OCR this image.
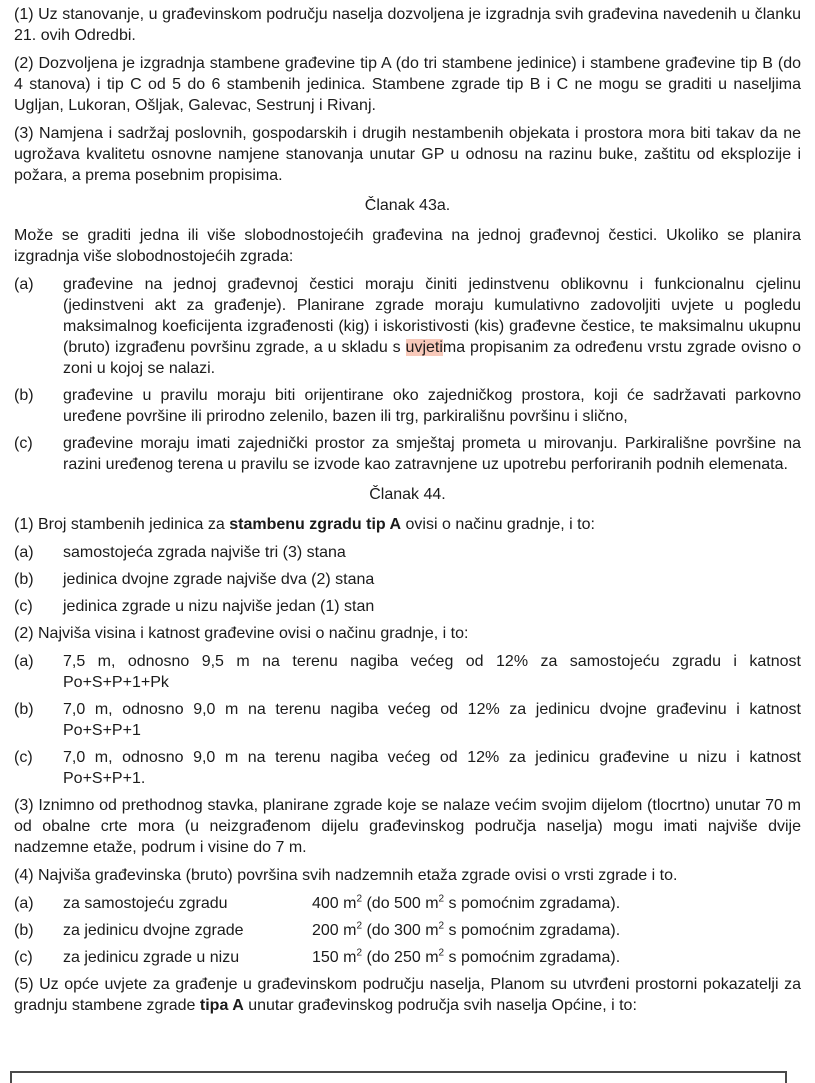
(1) Uz stanovanje, u građevinskom području naselja dozvoljena je izgradnja svih građevina navedenih u članku 21. ovih Odredbi.
(2) Dozvoljena je izgradnja stambene građevine tip A (do tri stambene jedinice) i stambene građevine tip B (do 4 stanova) i tip C od 5 do 6 stambenih jedinica. Stambene zgrade tip B i C ne mogu se graditi u naseljima Ugljan, Lukoran, Ošljak, Galevac, Sestrunj i Rivanj.
(3) Namjena i sadržaj poslovnih, gospodarskih i drugih nestambenih objekata i prostora mora biti takav da ne ugrožava kvalitetu osnovne namjene stanovanja unutar GP u odnosu na razinu buke, zaštitu od eksplozije i požara, a prema posebnim propisima.
Članak 43a.
Može se graditi jedna ili više slobodnostojećih građevina na jednoj građevnoj čestici. Ukoliko se planira izgradnja više slobodnostojećih zgrada:
(a)	građevine na jednoj građevnoj čestici moraju činiti jedinstvenu oblikovnu i funkcionalnu cjelinu (jedinstveni akt za građenje). Planirane zgrade moraju kumulativno zadovoljiti uvjete u pogledu maksimalnog koeficijenta izgrađenosti (kig) i iskoristivosti (kis) građevne čestice, te maksimalnu ukupnu (bruto) izgrađenu površinu zgrade, a u skladu s uvjetima propisanim za određenu vrstu zgrade ovisno o zoni u kojoj se nalazi.
(b)	građevine u pravilu moraju biti orijentirane oko zajedničkog prostora, koji će sadržavati parkovno uređene površine ili prirodno zelenilo, bazen ili trg, parkirališnu površinu i slično,
(c)	građevine moraju imati zajednički prostor za smještaj prometa u mirovanju. Parkirališne površine na razini uređenog terena u pravilu se izvode kao zatravnjene uz upotrebu perforiranih podnih elemenata.
Članak 44.
(1) Broj stambenih jedinica za stambenu zgradu tip A ovisi o načinu gradnje, i to:
(a)	samostojeća zgrada najviše tri (3) stana
(b)	jedinica dvojne zgrade najviše dva (2) stana
(c)	jedinica zgrade u nizu najviše jedan (1) stan
(2) Najviša visina i katnost građevine ovisi o načinu gradnje, i to:
(a)	7,5 m, odnosno 9,5 m na terenu nagiba većeg od 12% za samostojeću zgradu i katnostPo+S+P+1+Pk
(b)	7,0 m, odnosno 9,0 m na terenu nagiba većeg od 12% za jedinicu dvojne građevinu i katnostPo+S+P+1
(c)	7,0 m, odnosno 9,0 m na terenu nagiba većeg od 12% za jedinicu građevine u nizu i katnostPo+S+P+1.
(3) Iznimno od prethodnog stavka, planirane zgrade koje se nalaze većim svojim dijelom (tlocrtno) unutar 70 m od obalne crte mora (u neizgrađenom dijelu građevinskog područja naselja) mogu imati najviše dvije nadzemne etaže, podrum i visine do 7 m.
(4) Najviša građevinska (bruto) površina svih nadzemnih etaža zgrade ovisi o vrsti zgrade i to.
(a)	za samostojeću zgradu	400 $m^2$ (do 500 $m^2$ s pomoćnim zgradama).
(b)	za jedinicu dvojne zgrade	200 $m^2$ (do 300 $m^2$ s pomoćnim zgradama).
(c)	za jedinicu zgrade u nizu	150 $m^2$ (do 250 $m^2$ s pomoćnim zgradama).
(5) Uz opće uvjete za građenje u građevinskom području naselja, Planom su utvrđeni prostorni pokazatelji za gradnju stambene zgrade tipa A unutar građevinskog područja svih naselja Općine, i to:
